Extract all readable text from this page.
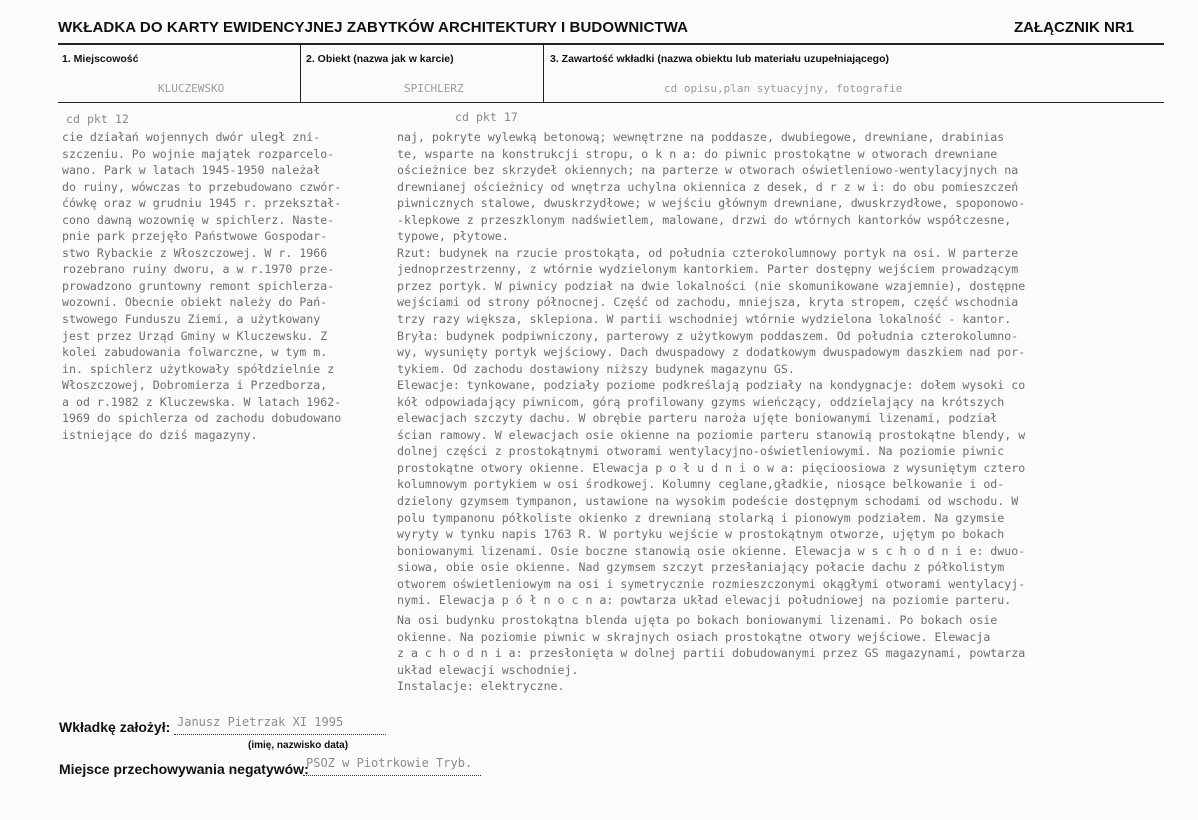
WKŁADKA DO KARTY EWIDENCYJNEJ ZABYTKÓW ARCHITEKTURY I BUDOWNICTWA	ZAŁĄCZNIK NR1
1. Miejscowość	2. Obiekt (nazwa jak w karcie)	3. Zawartość wkładki (nazwa obiektu lub materiału uzupełniającego)
KLUCZEWSKO	SPICHLERZ	cd opisu,plan sytuacyjny, fotografie
cd pkt 12	cd pkt 17
cie działań wojennych dwór uległ zni-
szczeniu. Po wojnie majątek rozparcelo-
wano. Park w latach 1945-1950 należał
do ruiny, wówczas to przebudowano czwór-
ćówkę oraz w grudniu 1945 r. przekształ-
cono dawną wozownię w spichlerz. Naste-
pnie park przejęło Państwowe Gospodar-
stwo Rybackie z Włoszczowej. W r. 1966
rozebrano ruiny dworu, a w r.1970 prze-
prowadzono gruntowny remont spichlerza-
wozowni. Obecnie obiekt należy do Pań-
stwowego Funduszu Ziemi, a użytkowany
jest przez Urząd Gminy w Kluczewsku. Z
kolei zabudowania folwarczne, w tym m.
in. spichlerz użytkowały spółdzielnie z
Włoszczowej, Dobromierza i Przedborza,
a od r.1982 z Kluczewska. W latach 1962-
1969 do spichlerza od zachodu dobudowano
istniejące do dziś magazyny.
naj, pokryte wylewką betonową; wewnętrzne na poddasze, dwubiegowe, drewniane, drabinias
te, wsparte na konstrukcji stropu, o k n a: do piwnic prostokątne w otworach drewniane
ościeżnice bez skrzydeł okiennych; na parterze w otworach oświetleniowo-wentylacyjnych na
drewnianej ościeżnicy od wnętrza uchylna okiennica z desek, d r z w i: do obu pomieszczeń
piwnicznych stalowe, dwuskrzydłowe; w wejściu głównym drewniane, dwuskrzydłowe, spoponowo-
-klepkowe z przeszklonym nadświetlem, malowane, drzwi do wtórnych kantorków współczesne,
typowe, płytowe.
Rzut: budynek na rzucie prostokąta, od południa czterokolumnowy portyk na osi. W parterze
jednoprzestrzenny, z wtórnie wydzielonym kantorkiem. Parter dostępny wejściem prowadzącym
przez portyk. W piwnicy podział na dwie lokalności (nie skomunikowane wzajemnie), dostępne
wejściami od strony północnej. Część od zachodu, mniejsza, kryta stropem, część wschodnia
trzy razy większa, sklepiona. W partii wschodniej wtórnie wydzielona lokalność - kantor.
Bryła: budynek podpiwniczony, parterowy z użytkowym poddaszem. Od południa czterokolumno-
wy, wysunięty portyk wejściowy. Dach dwuspadowy z dodatkowym dwuspadowym daszkiem nad por-
tykiem. Od zachodu dostawiony niższy budynek magazynu GS.
Elewacje: tynkowane, podziały poziome podkreślają podziały na kondygnacje: dołem wysoki co
kół odpowiadający piwnicom, górą profilowany gzyms wieńczący, oddzielający na krótszych
elewacjach szczyty dachu. W obrębie parteru naroża ujęte boniowanymi lizenami, podział
ścian ramowy. W elewacjach osie okienne na poziomie parteru stanowią prostokątne blendy, w
dolnej części z prostokątnymi otworami wentylacyjno-oświetleniowymi. Na poziomie piwnic
prostokątne otwory okienne. Elewacja p o ł u d n i o w a: pięcioosiowa z wysuniętym cztero
kolumnowym portykiem w osi środkowej. Kolumny ceglane,gładkie, niosące belkowanie i od-
dzielony gzymsem tympanon, ustawione na wysokim podeście dostępnym schodami od wschodu. W
polu tympanonu półkoliste okienko z drewnianą stolarką i pionowym podziałem. Na gzymsie
wyryty w tynku napis 1763 R. W portyku wejście w prostokątnym otworze, ujętym po bokach
boniowanymi lizenami. Osie boczne stanowią osie okienne. Elewacja w s c h o d n i e: dwuo-
siowa, obie osie okienne. Nad gzymsem szczyt przesłaniający połacie dachu z półkolistym
otworem oświetleniowym na osi i symetrycznie rozmieszczonymi okągłymi otworami wentylacyj-
nymi. Elewacja p ó ł n o c n a: powtarza układ elewacji południowej na poziomie parteru.
Na osi budynku prostokątna blenda ujęta po bokach boniowanymi lizenami. Po bokach osie
okienne. Na poziomie piwnic w skrajnych osiach prostokątne otwory wejściowe. Elewacja
z a c h o d n i a: przesłonięta w dolnej partii dobudowanymi przez GS magazynami, powtarza
układ elewacji wschodniej.
Instalacje: elektryczne.
Wkładkę założył: Janusz Pietrzak XI 1995
(imię, nazwisko data)
Miejsce przechowywania negatywów:
PSOZ w Piotrkowie Tryb.
